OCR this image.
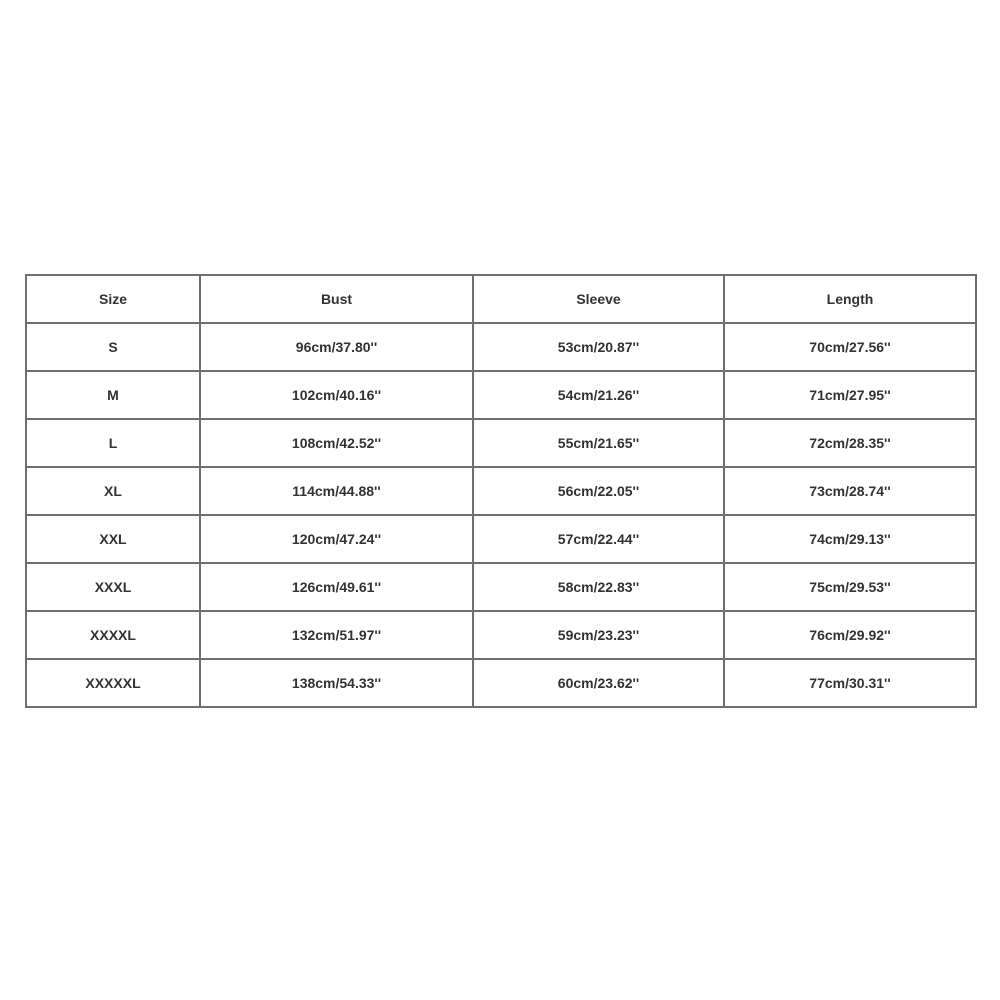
Size	Bust	Sleeve	Length
S	96cm/37.80''	53cm/20.87''	70cm/27.56''
M	102cm/40.16''	54cm/21.26''	71cm/27.95''
L	108cm/42.52''	55cm/21.65''	72cm/28.35''
XL	114cm/44.88''	56cm/22.05''	73cm/28.74''
XXL	120cm/47.24''	57cm/22.44''	74cm/29.13''
XXXL	126cm/49.61''	58cm/22.83''	75cm/29.53''
XXXXL	132cm/51.97''	59cm/23.23''	76cm/29.92''
XXXXXL	138cm/54.33''	60cm/23.62''	77cm/30.31''
